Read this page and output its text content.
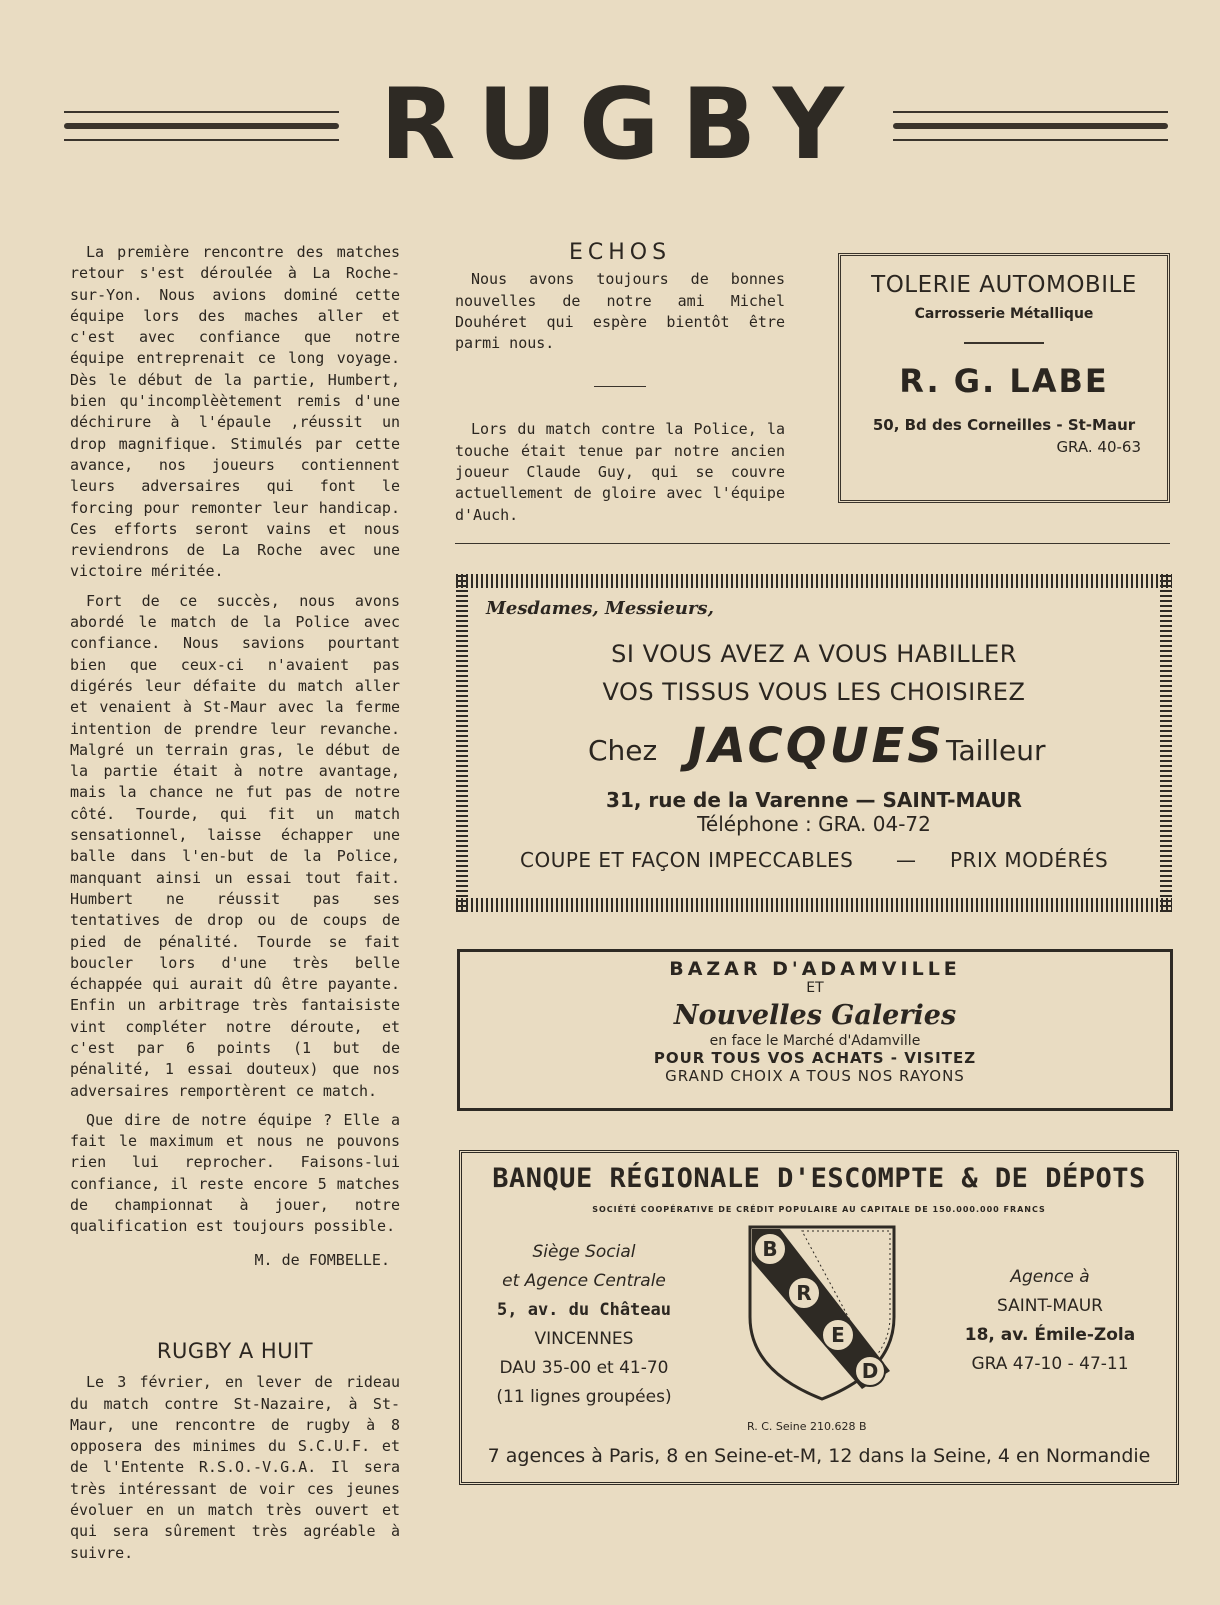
RUGBY

La première rencontre des matches retour s'est déroulée à La Roche-sur-Yon. Nous avions dominé cette équipe lors des maches aller et c'est avec confiance que notre équipe entreprenait ce long voyage. Dès le début de la partie, Humbert, bien qu'incomplèètement remis d'une déchirure à l'épaule ,réussit un drop magnifique. Stimulés par cette avance, nos joueurs contiennent leurs adversaires qui font le forcing pour remonter leur handicap. Ces efforts seront vains et nous reviendrons de La Roche avec une victoire méritée.

Fort de ce succès, nous avons abordé le match de la Police avec confiance. Nous savions pourtant bien que ceux-ci n'avaient pas digérés leur défaite du match aller et venaient à St-Maur avec la ferme intention de prendre leur revanche. Malgré un terrain gras, le début de la partie était à notre avantage, mais la chance ne fut pas de notre côté. Tourde, qui fit un match sensationnel, laisse échapper une balle dans l'en-but de la Police, manquant ainsi un essai tout fait. Humbert ne réussit pas ses tentatives de drop ou de coups de pied de pénalité. Tourde se fait boucler lors d'une très belle échappée qui aurait dû être payante. Enfin un arbitrage très fantaisiste vint compléter notre déroute, et c'est par 6 points (1 but de pénalité, 1 essai douteux) que nos adversaires remportèrent ce match.

Que dire de notre équipe ? Elle a fait le maximum et nous ne pouvons rien lui reprocher. Faisons-lui confiance, il reste encore 5 matches de championnat à jouer, notre qualification est toujours possible.

M. de FOMBELLE.
RUGBY A HUIT

Le 3 février, en lever de rideau du match contre St-Nazaire, à St-Maur, une rencontre de rugby à 8 opposera des minimes du S.C.U.F. et de l'Entente R.S.O.-V.G.A. Il sera très intéressant de voir ces jeunes évoluer en un match très ouvert et qui sera sûrement très agréable à suivre.

ECHOS

Nous avons toujours de bonnes nouvelles de notre ami Michel Douhéret qui espère bientôt être parmi nous.

Lors du match contre la Police, la touche était tenue par notre ancien joueur Claude Guy, qui se couvre actuellement de gloire avec l'équipe d'Auch.

TOLERIE AUTOMOBILE
Carrosserie Métallique
R. G. LABE
50, Bd des Corneilles - St-Maur
GRA. 40-63
Mesdames, Messieurs,
SI VOUS AVEZ A VOUS HABILLER
VOS TISSUS VOUS LES CHOISIREZ
Chez JACQUES Tailleur
31, rue de la Varenne — SAINT-MAUR
Téléphone : GRA. 04-72
COUPE ET FAÇON IMPECCABLES — PRIX MODÉRÉS
BAZAR D'ADAMVILLE
ET
Nouvelles Galeries
en face le Marché d'Adamville
POUR TOUS VOS ACHATS - VISITEZ
GRAND CHOIX A TOUS NOS RAYONS
BANQUE RÉGIONALE D'ESCOMPTE & DE DÉPOTS
SOCIÉTÉ COOPÉRATIVE DE CRÉDIT POPULAIRE AU CAPITALE DE 150.000.000 FRANCS
Siège Social
et Agence Centrale
5, av. du Château
VINCENNES
DAU 35-00 et 41-70
(11 lignes groupées)
B
R
E
D
Agence à
SAINT-MAUR
18, av. Émile-Zola
GRA 47-10 - 47-11
R. C. Seine 210.628 B
7 agences à Paris, 8 en Seine-et-M, 12 dans la Seine, 4 en Normandie
